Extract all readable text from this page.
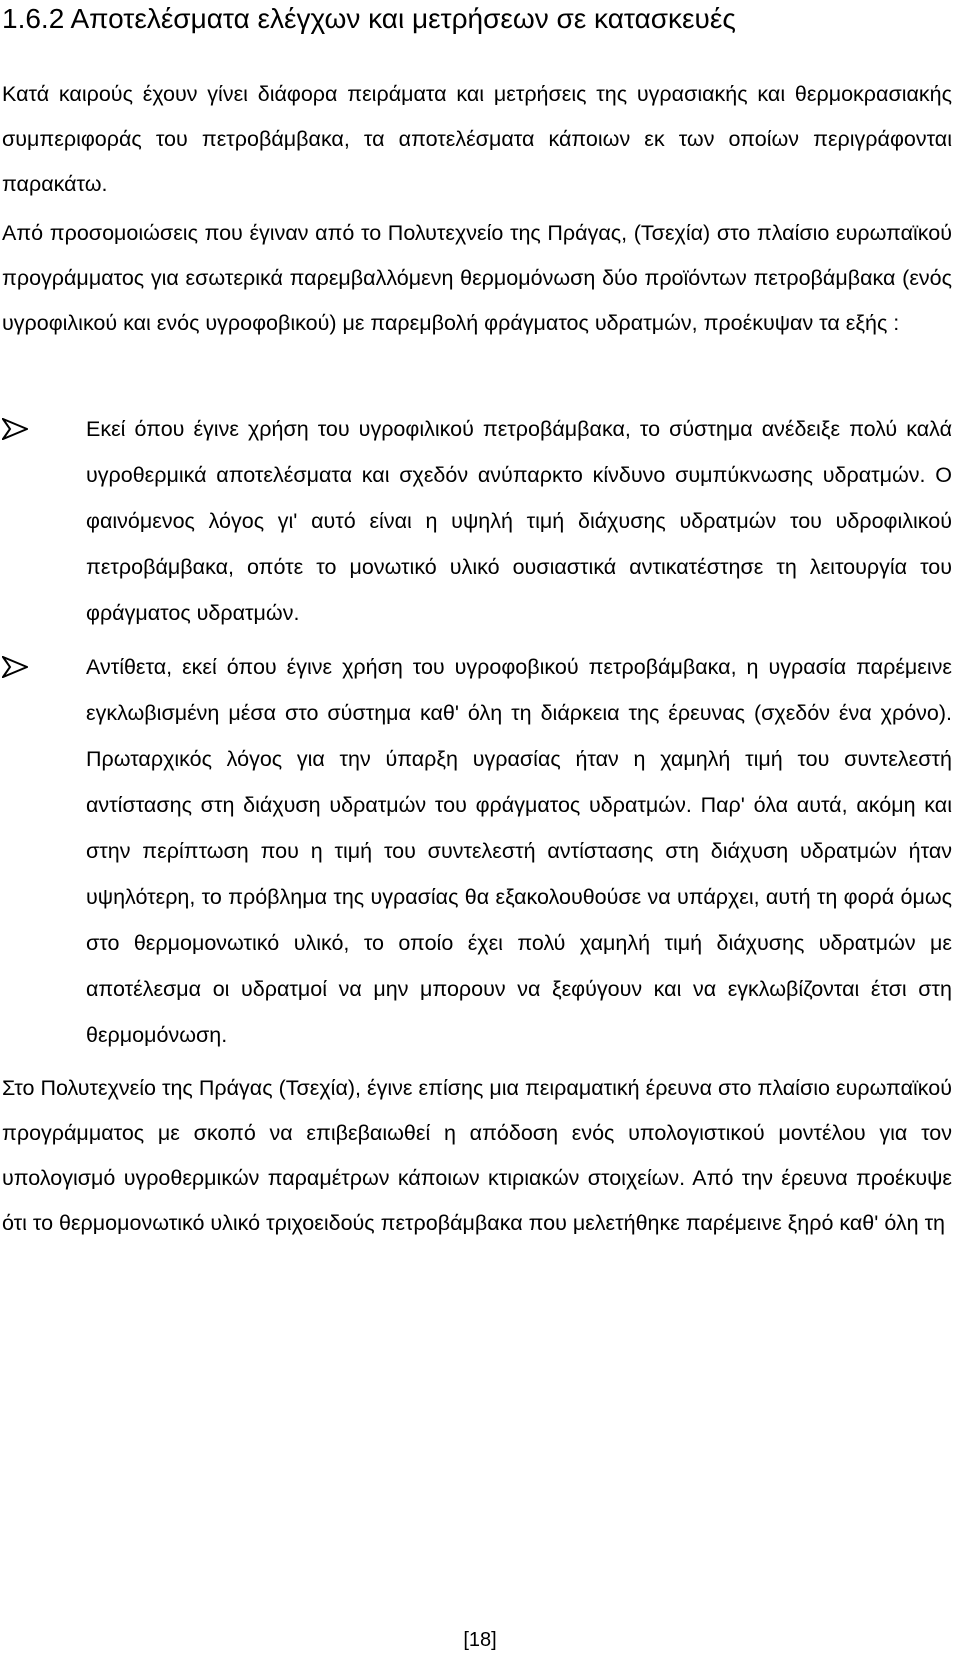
1.6.2 Αποτελέσματα ελέγχων και μετρήσεων σε κατασκευές

Κατά καιρούς έχουν γίνει διάφορα πειράματα και μετρήσεις της υγρασιακής και θερμοκρασιακής συμπεριφοράς του πετροβάμβακα, τα αποτελέσματα κάποιων εκ των οποίων περιγράφονται παρακάτω.

Από προσομοιώσεις που έγιναν από το Πολυτεχνείο της Πράγας, (Τσεχία) στο πλαίσιο ευρωπαϊκού προγράμματος για εσωτερικά παρεμβαλλόμενη θερμομόνωση δύο προϊόντων πετροβάμβακα (ενός υγροφιλικού και ενός υγροφοβικού) με παρεμβολή φράγματος υδρατμών, προέκυψαν τα εξής :

Εκεί όπου έγινε χρήση του υγροφιλικού πετροβάμβακα, το σύστημα ανέδειξε πολύ καλά υγροθερμικά αποτελέσματα και σχεδόν ανύπαρκτο κίνδυνο συμπύκνωσης υδρατμών. Ο φαινόμενος λόγος γι' αυτό είναι η υψηλή τιμή διάχυσης υδρατμών του υδροφιλικού πετροβάμβακα, οπότε το μονωτικό υλικό ουσιαστικά αντικατέστησε τη λειτουργία του φράγματος υδρατμών.
Αντίθετα, εκεί όπου έγινε χρήση του υγροφοβικού πετροβάμβακα, η υγρασία παρέμεινε εγκλωβισμένη μέσα στο σύστημα καθ' όλη τη διάρκεια της έρευνας (σχεδόν ένα χρόνο). Πρωταρχικός λόγος για την ύπαρξη υγρασίας ήταν η χαμηλή τιμή του συντελεστή αντίστασης στη διάχυση υδρατμών του φράγματος υδρατμών. Παρ' όλα αυτά, ακόμη και στην περίπτωση που η τιμή του συντελεστή αντίστασης στη διάχυση υδρατμών ήταν υψηλότερη, το πρόβλημα της υγρασίας θα εξακολουθούσε να υπάρχει, αυτή τη φορά όμως στο θερμομονωτικό υλικό, το οποίο έχει πολύ χαμηλή τιμή διάχυσης υδρατμών με αποτέλεσμα οι υδρατμοί να μην μπορουν να ξεφύγουν και να εγκλωβίζονται έτσι στη θερμομόνωση.

Στο Πολυτεχνείο της Πράγας (Τσεχία), έγινε επίσης μια πειραματική έρευνα στο πλαίσιο ευρωπαϊκού προγράμματος με σκοπό να επιβεβαιωθεί η απόδοση ενός υπολογιστικού μοντέλου για τον υπολογισμό υγροθερμικών παραμέτρων κάποιων κτιριακών στοιχείων. Από την έρευνα προέκυψε ότι το θερμομονωτικό υλικό τριχοειδούς πετροβάμβακα που μελετήθηκε παρέμεινε ξηρό καθ' όλη τη

[18]
